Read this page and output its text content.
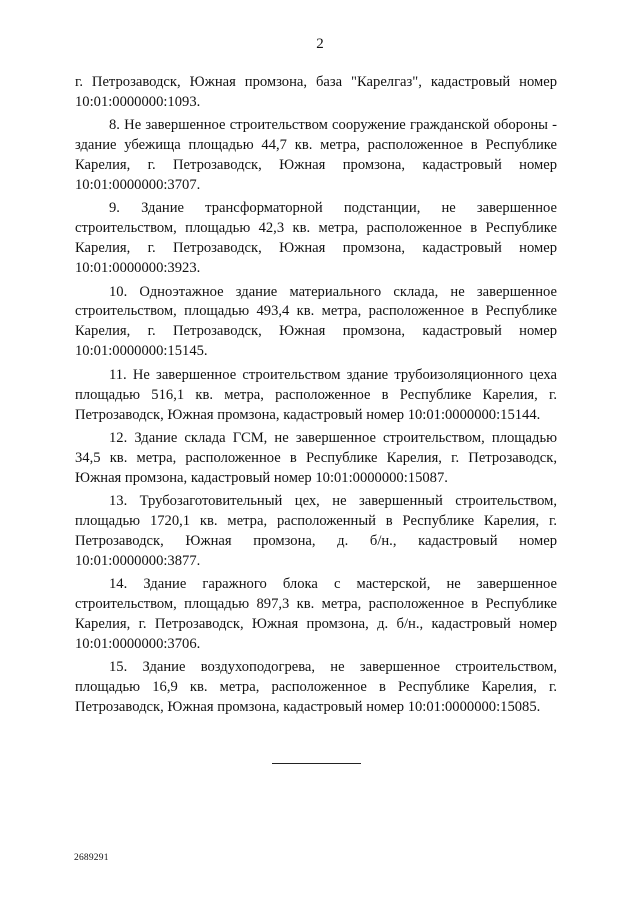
2

г. Петрозаводск, Южная промзона, база "Карелгаз", кадастровый номер 10:01:0000000:1093.

8. Не завершенное строительством сооружение гражданской обороны - здание убежища площадью 44,7 кв. метра, расположенное в Республике Карелия, г. Петрозаводск, Южная промзона, кадастровый номер 10:01:0000000:3707.

9. Здание трансформаторной подстанции, не завершенное строительством, площадью 42,3 кв. метра, расположенное в Республике Карелия, г. Петрозаводск, Южная промзона, кадастровый номер 10:01:0000000:3923.

10. Одноэтажное здание материального склада, не завершенное строительством, площадью 493,4 кв. метра, расположенное в Республике Карелия, г. Петрозаводск, Южная промзона, кадастровый номер 10:01:0000000:15145.

11. Не завершенное строительством здание трубоизоляционного цеха площадью 516,1 кв. метра, расположенное в Республике Карелия, г. Петрозаводск, Южная промзона, кадастровый номер 10:01:0000000:15144.

12. Здание склада ГСМ, не завершенное строительством, площадью 34,5 кв. метра, расположенное в Республике Карелия, г. Петрозаводск, Южная промзона, кадастровый номер 10:01:0000000:15087.

13. Трубозаготовительный цех, не завершенный строительством, площадью 1720,1 кв. метра, расположенный в Республике Карелия, г. Петрозаводск, Южная промзона, д. б/н., кадастровый номер 10:01:0000000:3877.

14. Здание гаражного блока с мастерской, не завершенное строительством, площадью 897,3 кв. метра, расположенное в Республике Карелия, г. Петрозаводск, Южная промзона, д. б/н., кадастровый номер 10:01:0000000:3706.

15. Здание воздухоподогрева, не завершенное строительством, площадью 16,9 кв. метра, расположенное в Республике Карелия, г. Петрозаводск, Южная промзона, кадастровый номер 10:01:0000000:15085.

2689291
